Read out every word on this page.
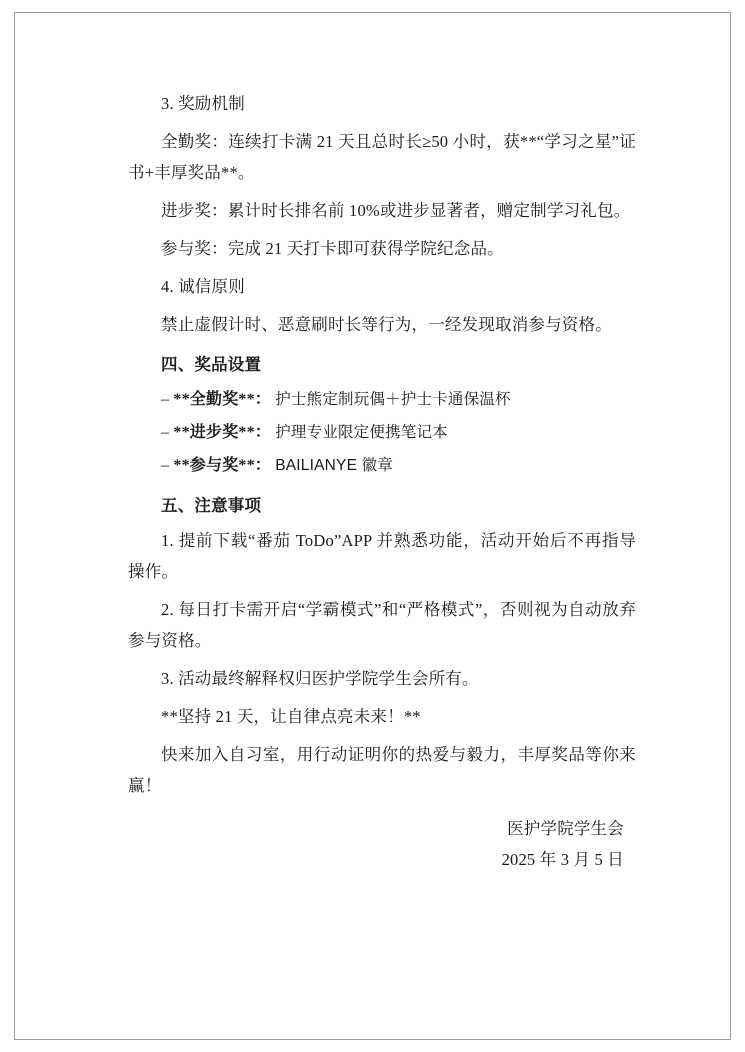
3. 奖励机制

全勤奖：连续打卡满 21 天且总时长≥50 小时，获**“学习之星”证书+丰厚奖品**。

进步奖：累计时长排名前 10%或进步显著者，赠定制学习礼包。

参与奖：完成 21 天打卡即可获得学院纪念品。

4. 诚信原则

禁止虚假计时、恶意刷时长等行为，一经发现取消参与资格。

四、奖品设置

– **全勤奖**： 护士熊定制玩偶＋护士卡通保温杯

– **进步奖**： 护理专业限定便携笔记本

– **参与奖**： BAILIANYE 徽章

五、注意事项

1. 提前下载“番茄 ToDo”APP 并熟悉功能，活动开始后不再指导操作。

2. 每日打卡需开启“学霸模式”和“严格模式”，否则视为自动放弃参与资格。

3. 活动最终解释权归医护学院学生会所有。

**坚持 21 天，让自律点亮未来！**

快来加入自习室，用行动证明你的热爱与毅力，丰厚奖品等你来赢！

医护学院学生会

2025 年 3 月 5 日
